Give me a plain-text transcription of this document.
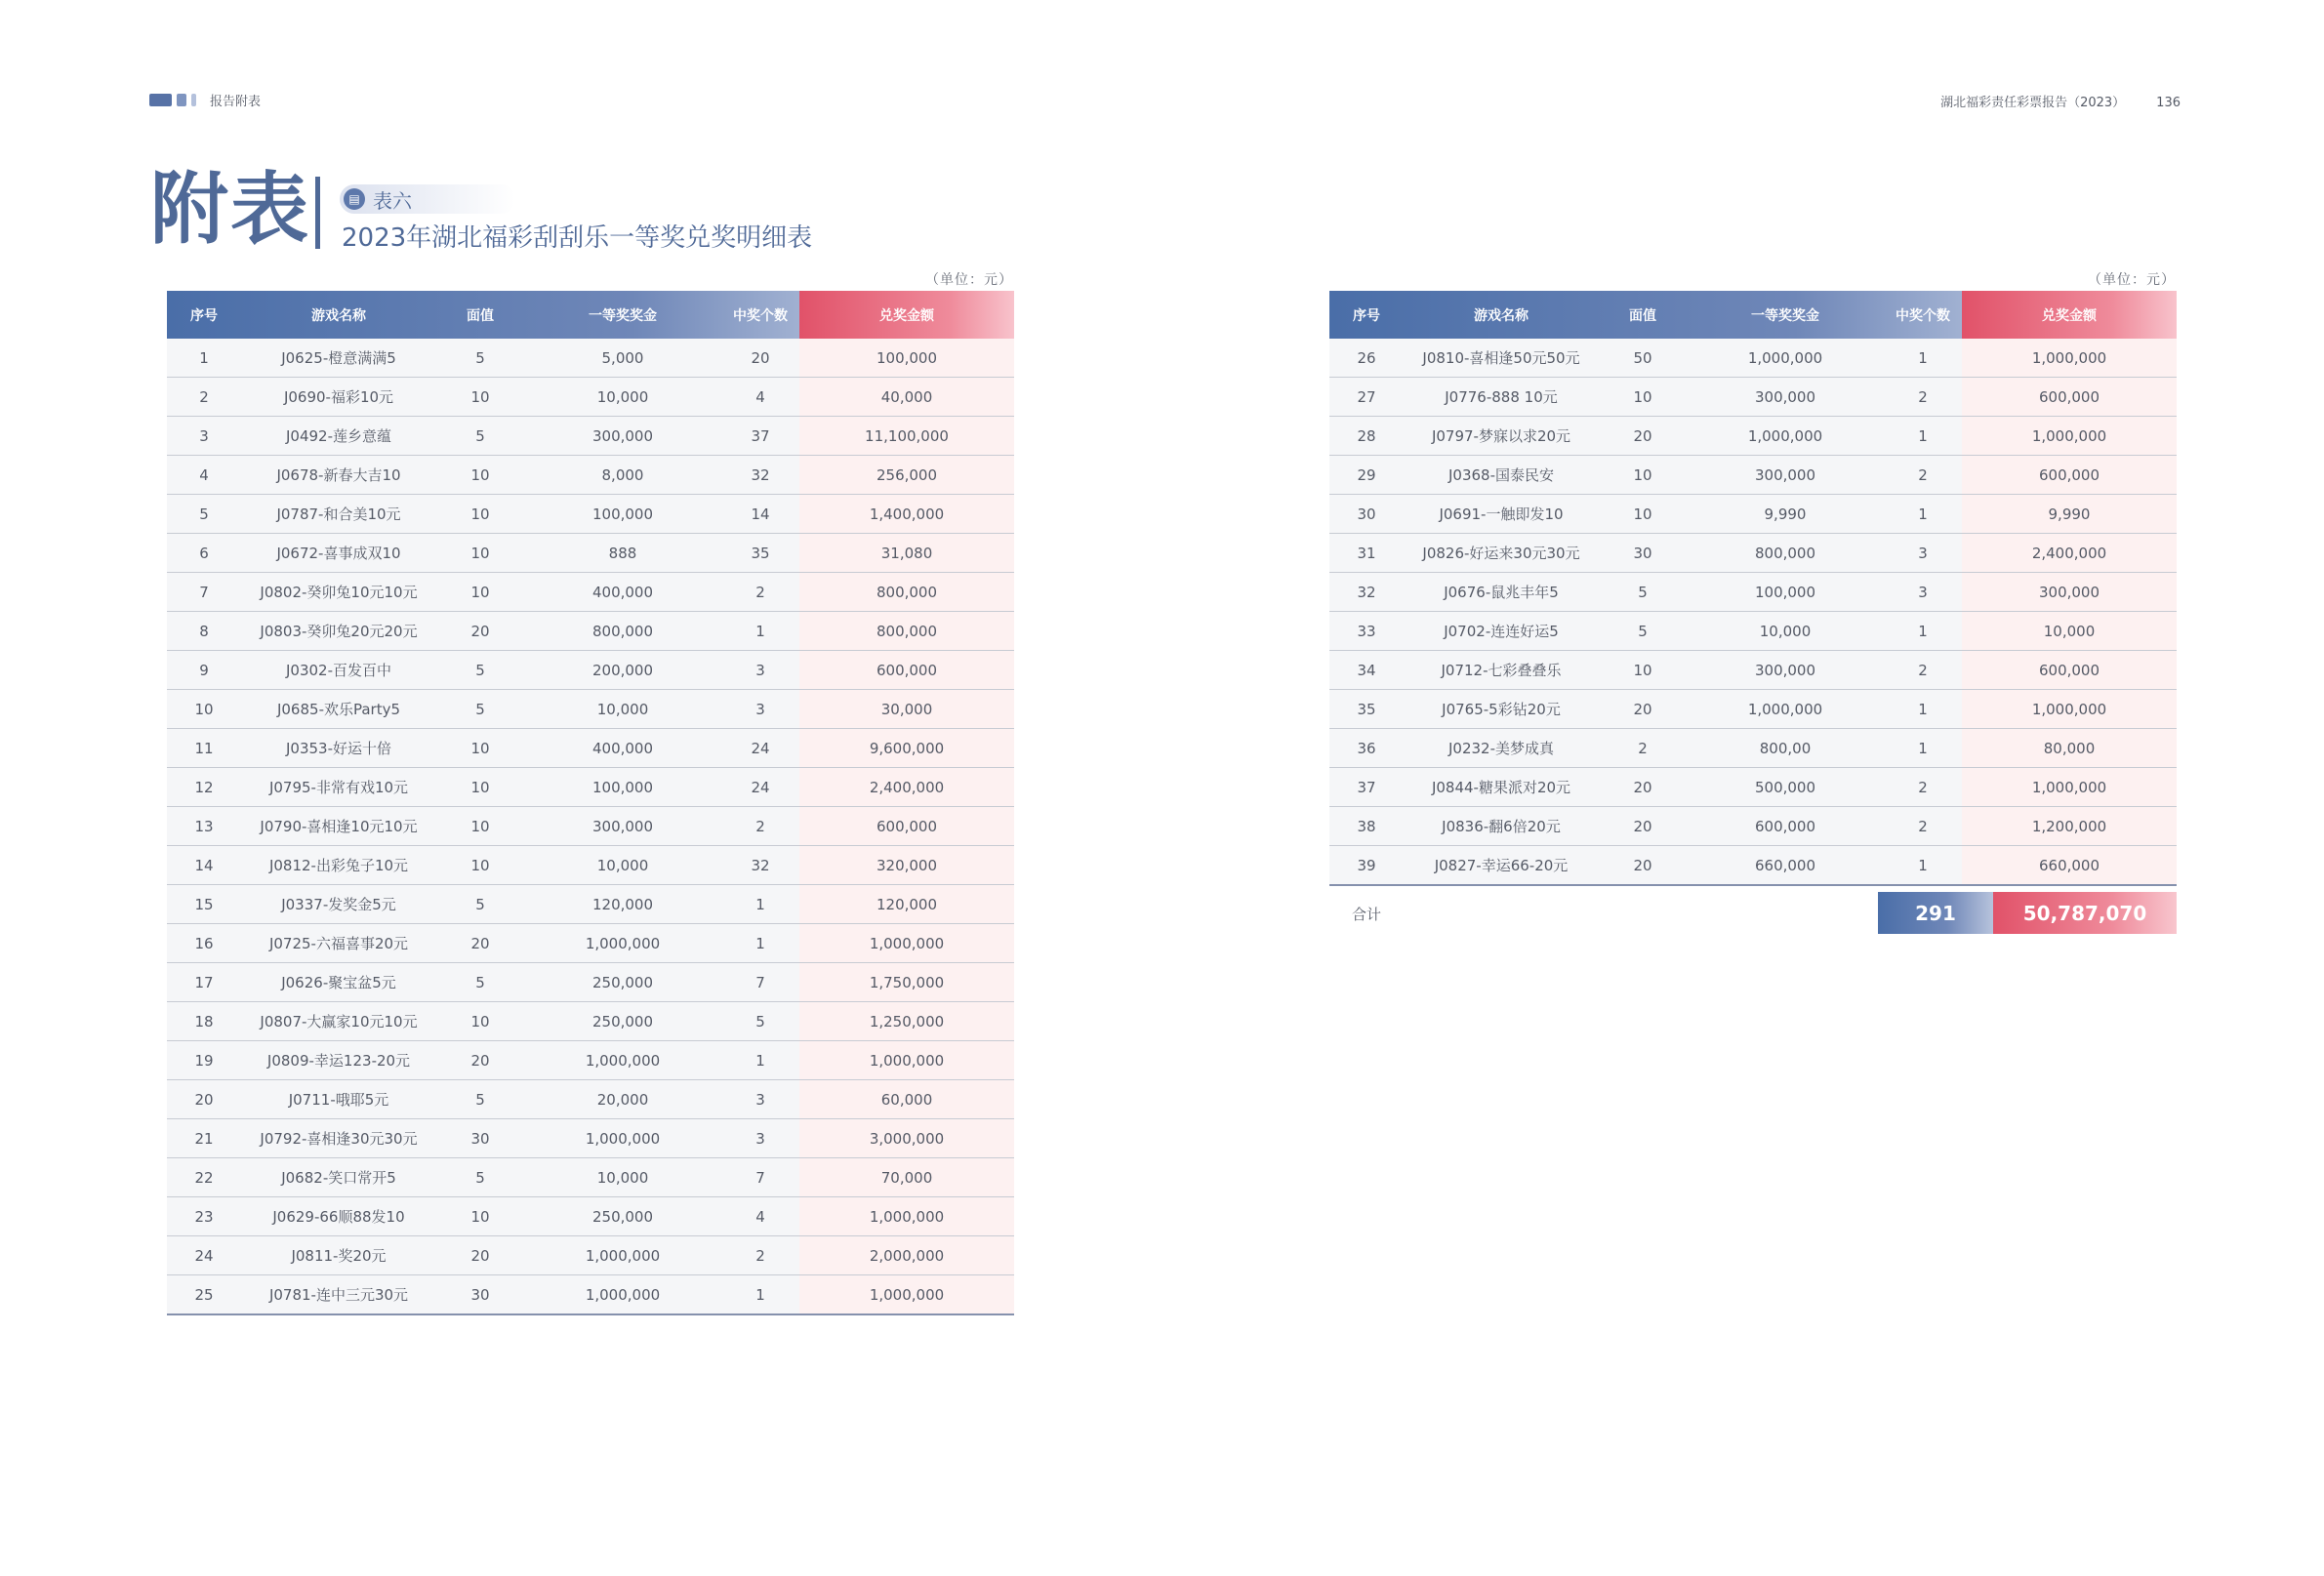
报告附表	湖北福彩责任彩票报告（2023） 136
附表	▤ 表六
2023年湖北福彩刮刮乐一等奖兑奖明细表
（单位：元）	（单位：元）
序号	游戏名称	面值	一等奖奖金	中奖个数	兑奖金额
1	J0625-橙意满满5	5	5,000	20	100,000
2	J0690-福彩10元	10	10,000	4	40,000
3	J0492-莲乡意蕴	5	300,000	37	11,100,000
4	J0678-新春大吉10	10	8,000	32	256,000
5	J0787-和合美10元	10	100,000	14	1,400,000
6	J0672-喜事成双10	10	888	35	31,080
7	J0802-癸卯兔10元10元	10	400,000	2	800,000
8	J0803-癸卯兔20元20元	20	800,000	1	800,000
9	J0302-百发百中	5	200,000	3	600,000
10	J0685-欢乐Party5	5	10,000	3	30,000
11	J0353-好运十倍	10	400,000	24	9,600,000
12	J0795-非常有戏10元	10	100,000	24	2,400,000
13	J0790-喜相逢10元10元	10	300,000	2	600,000
14	J0812-出彩兔子10元	10	10,000	32	320,000
15	J0337-发奖金5元	5	120,000	1	120,000
16	J0725-六福喜事20元	20	1,000,000	1	1,000,000
17	J0626-聚宝盆5元	5	250,000	7	1,750,000
18	J0807-大赢家10元10元	10	250,000	5	1,250,000
19	J0809-幸运123-20元	20	1,000,000	1	1,000,000
20	J0711-哦耶5元	5	20,000	3	60,000
21	J0792-喜相逢30元30元	30	1,000,000	3	3,000,000
22	J0682-笑口常开5	5	10,000	7	70,000
23	J0629-66顺88发10	10	250,000	4	1,000,000
24	J0811-奖20元	20	1,000,000	2	2,000,000
25	J0781-连中三元30元	30	1,000,000	1	1,000,000
序号	游戏名称	面值	一等奖奖金	中奖个数	兑奖金额
26	J0810-喜相逢50元50元	50	1,000,000	1	1,000,000
27	J0776-888 10元	10	300,000	2	600,000
28	J0797-梦寐以求20元	20	1,000,000	1	1,000,000
29	J0368-国泰民安	10	300,000	2	600,000
30	J0691-一触即发10	10	9,990	1	9,990
31	J0826-好运来30元30元	30	800,000	3	2,400,000
32	J0676-鼠兆丰年5	5	100,000	3	300,000
33	J0702-连连好运5	5	10,000	1	10,000
34	J0712-七彩叠叠乐	10	300,000	2	600,000
35	J0765-5彩钻20元	20	1,000,000	1	1,000,000
36	J0232-美梦成真	2	800,00	1	80,000
37	J0844-糖果派对20元	20	500,000	2	1,000,000
38	J0836-翻6倍20元	20	600,000	2	1,200,000
39	J0827-幸运66-20元	20	660,000	1	660,000
合计	291	50,787,070
